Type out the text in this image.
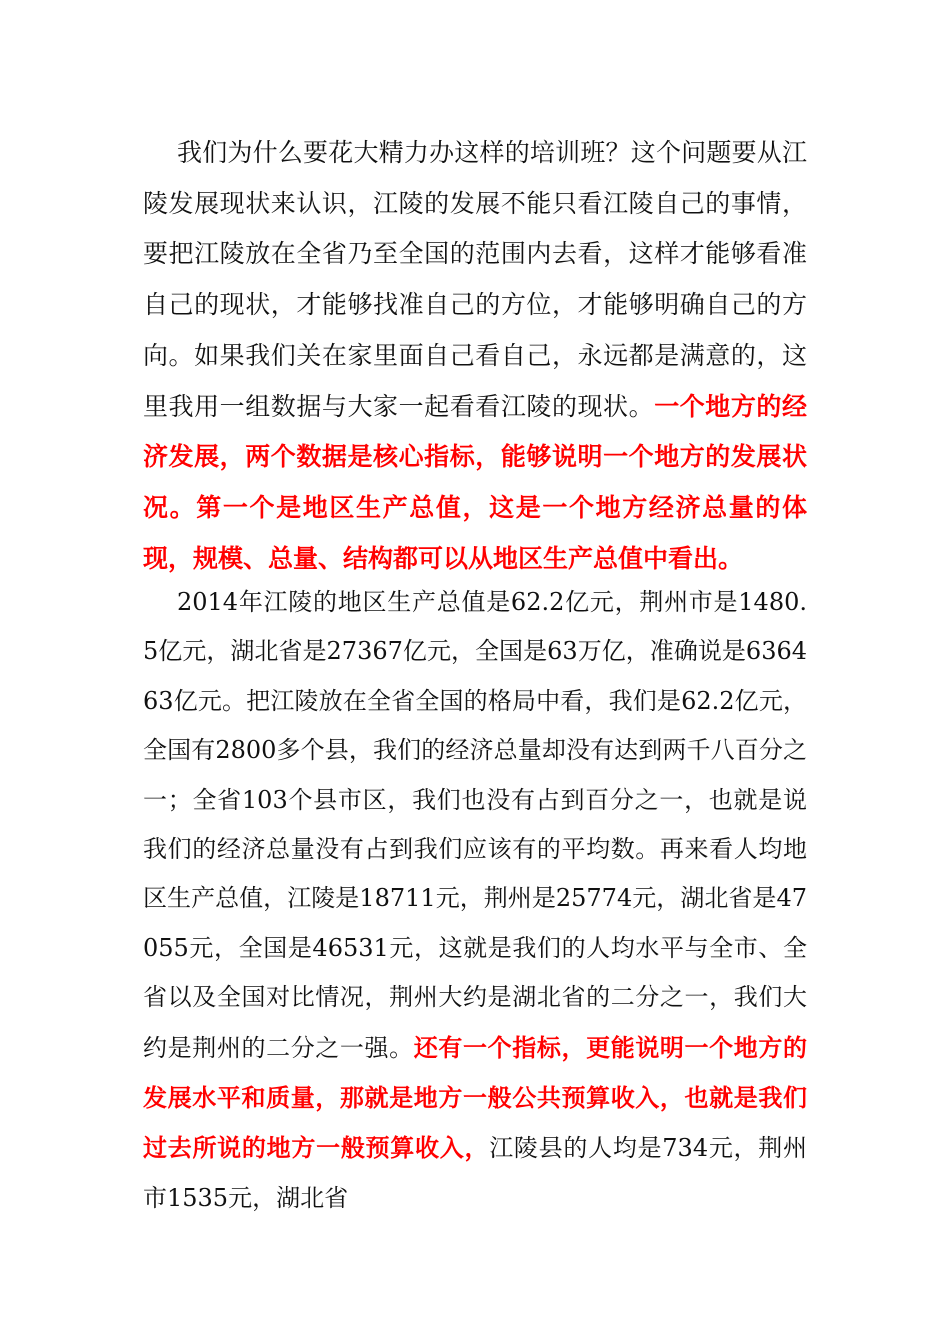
我们为什么要花大精力办这样的培训班？这个问题要从江陵发展现状来认识，江陵的发展不能只看江陵自己的事情，要把江陵放在全省乃至全国的范围内去看，这样才能够看准自己的现状，才能够找准自己的方位，才能够明确自己的方向。如果我们关在家里面自己看自己，永远都是满意的，这里我用一组数据与大家一起看看江陵的现状。一个地方的经济发展，两个数据是核心指标，能够说明一个地方的发展状况。第一个是地区生产总值，这是一个地方经济总量的体现，规模、总量、结构都可以从地区生产总值中看出。
2014年江陵的地区生产总值是62.2亿元，荆州市是1480.5亿元，湖北省是27367亿元，全国是63万亿，准确说是636463亿元。把江陵放在全省全国的格局中看，我们是62.2亿元，全国有2800多个县，我们的经济总量却没有达到两千八百分之一；全省103个县市区，我们也没有占到百分之一，也就是说我们的经济总量没有占到我们应该有的平均数。再来看人均地区生产总值，江陵是18711元，荆州是25774元，湖北省是47055元，全国是46531元，这就是我们的人均水平与全市、全省以及全国对比情况，荆州大约是湖北省的二分之一，我们大约是荆州的二分之一强。还有一个指标，更能说明一个地方的发展水平和质量，那就是地方一般公共预算收入，也就是我们过去所说的地方一般预算收入，江陵县的人均是734元，荆州市1535元，湖北省
